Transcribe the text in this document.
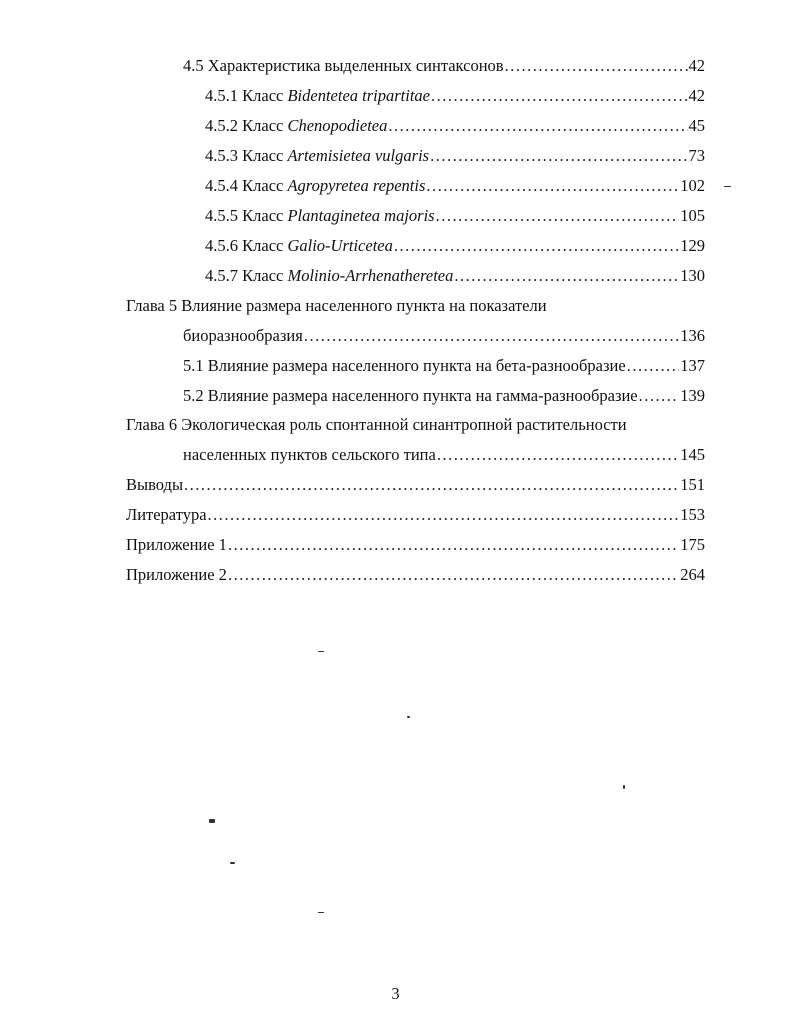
4.5 Характеристика выделенных синтаксонов .....	42
4.5.1 Класс Bidentetea tripartitae .....	42
4.5.2 Класс Chenopodietea .....	45
4.5.3 Класс Artemisietea vulgaris .....	73
4.5.4 Класс Agropyretea repentis .....	102
4.5.5 Класс Plantaginetea majoris .....	105
4.5.6 Класс Galio-Urticetea .....	129
4.5.7 Класс Molinio-Arrhenatheretea .....	130
Глава 5 Влияние размера населенного пункта на показатели
биоразнообразия .....	136
5.1 Влияние размера населенного пункта на бета-разнообразие .....	137
5.2 Влияние размера населенного пункта на гамма-разнообразие .....	139
Глава 6 Экологическая роль спонтанной синантропной растительности
населенных пунктов сельского типа .....	145
Выводы .....	151
Литература .....	153
Приложение 1 .....	175
Приложение 2 .....	264
3
